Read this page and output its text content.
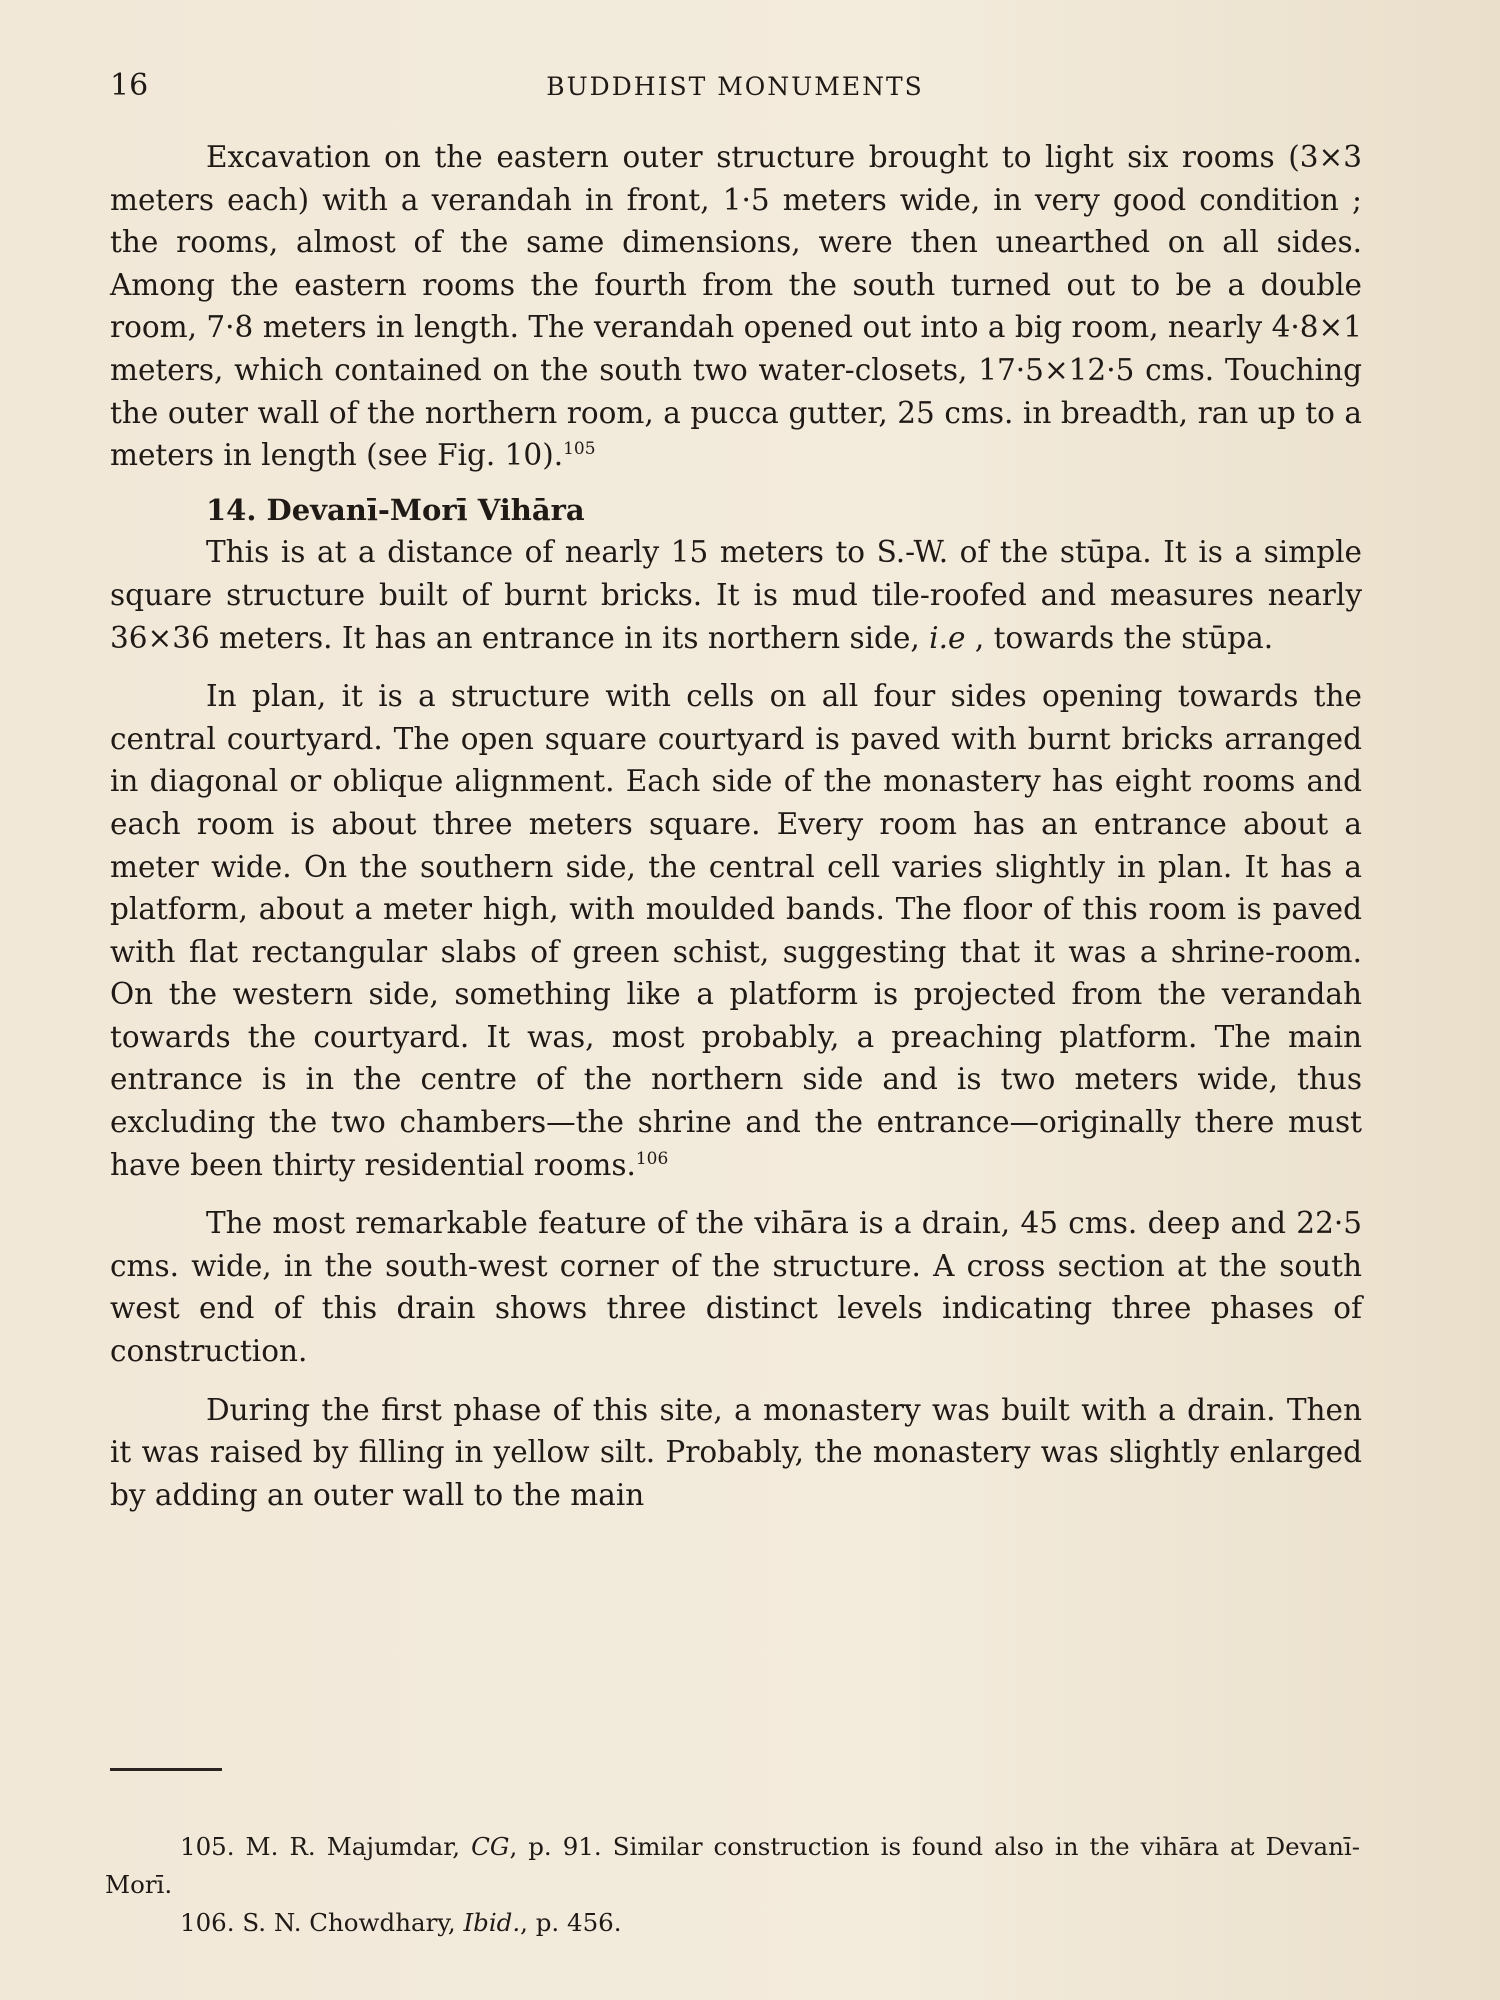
16	BUDDHIST MONUMENTS

Excavation on the eastern outer structure brought to light six rooms (3×3 meters each) with a verandah in front, 1·5 meters wide, in very good condition ; the rooms, almost of the same dimensions, were then unearthed on all sides. Among the eastern rooms the fourth from the south turned out to be a double room, 7·8 meters in length. The verandah opened out into a big room, nearly 4·8×1 meters, which contained on the south two water-closets, 17·5×12·5 cms. Touching the outer wall of the northern room, a pucca gutter, 25 cms. in breadth, ran up to a meters in length (see Fig. 10).$^{105}$

14. Devanī-Morī Vihāra

This is at a distance of nearly 15 meters to S.-W. of the stūpa. It is a simple square structure built of burnt bricks. It is mud tile-roofed and measures nearly 36×36 meters. It has an entrance in its northern side, i.e , towards the stūpa.

In plan, it is a structure with cells on all four sides opening towards the central courtyard. The open square courtyard is paved with burnt bricks arranged in diagonal or oblique alignment. Each side of the monastery has eight rooms and each room is about three meters square. Every room has an entrance about a meter wide. On the southern side, the central cell varies slightly in plan. It has a platform, about a meter high, with moulded bands. The floor of this room is paved with flat rectangular slabs of green schist, suggesting that it was a shrine-room. On the western side, something like a platform is projected from the verandah towards the courtyard. It was, most probably, a preaching platform. The main entrance is in the centre of the northern side and is two meters wide, thus excluding the two chambers—the shrine and the entrance—originally there must have been thirty residential rooms.$^{106}$

The most remarkable feature of the vihāra is a drain, 45 cms. deep and 22·5 cms. wide, in the south-west corner of the structure. A cross section at the south west end of this drain shows three distinct levels indicating three phases of construction.

During the first phase of this site, a monastery was built with a drain. Then it was raised by filling in yellow silt. Probably, the monastery was slightly enlarged by adding an outer wall to the main

105. M. R. Majumdar, CG, p. 91. Similar construction is found also in the vihāra at Devanī-Morī.

106. S. N. Chowdhary, Ibid., p. 456.
